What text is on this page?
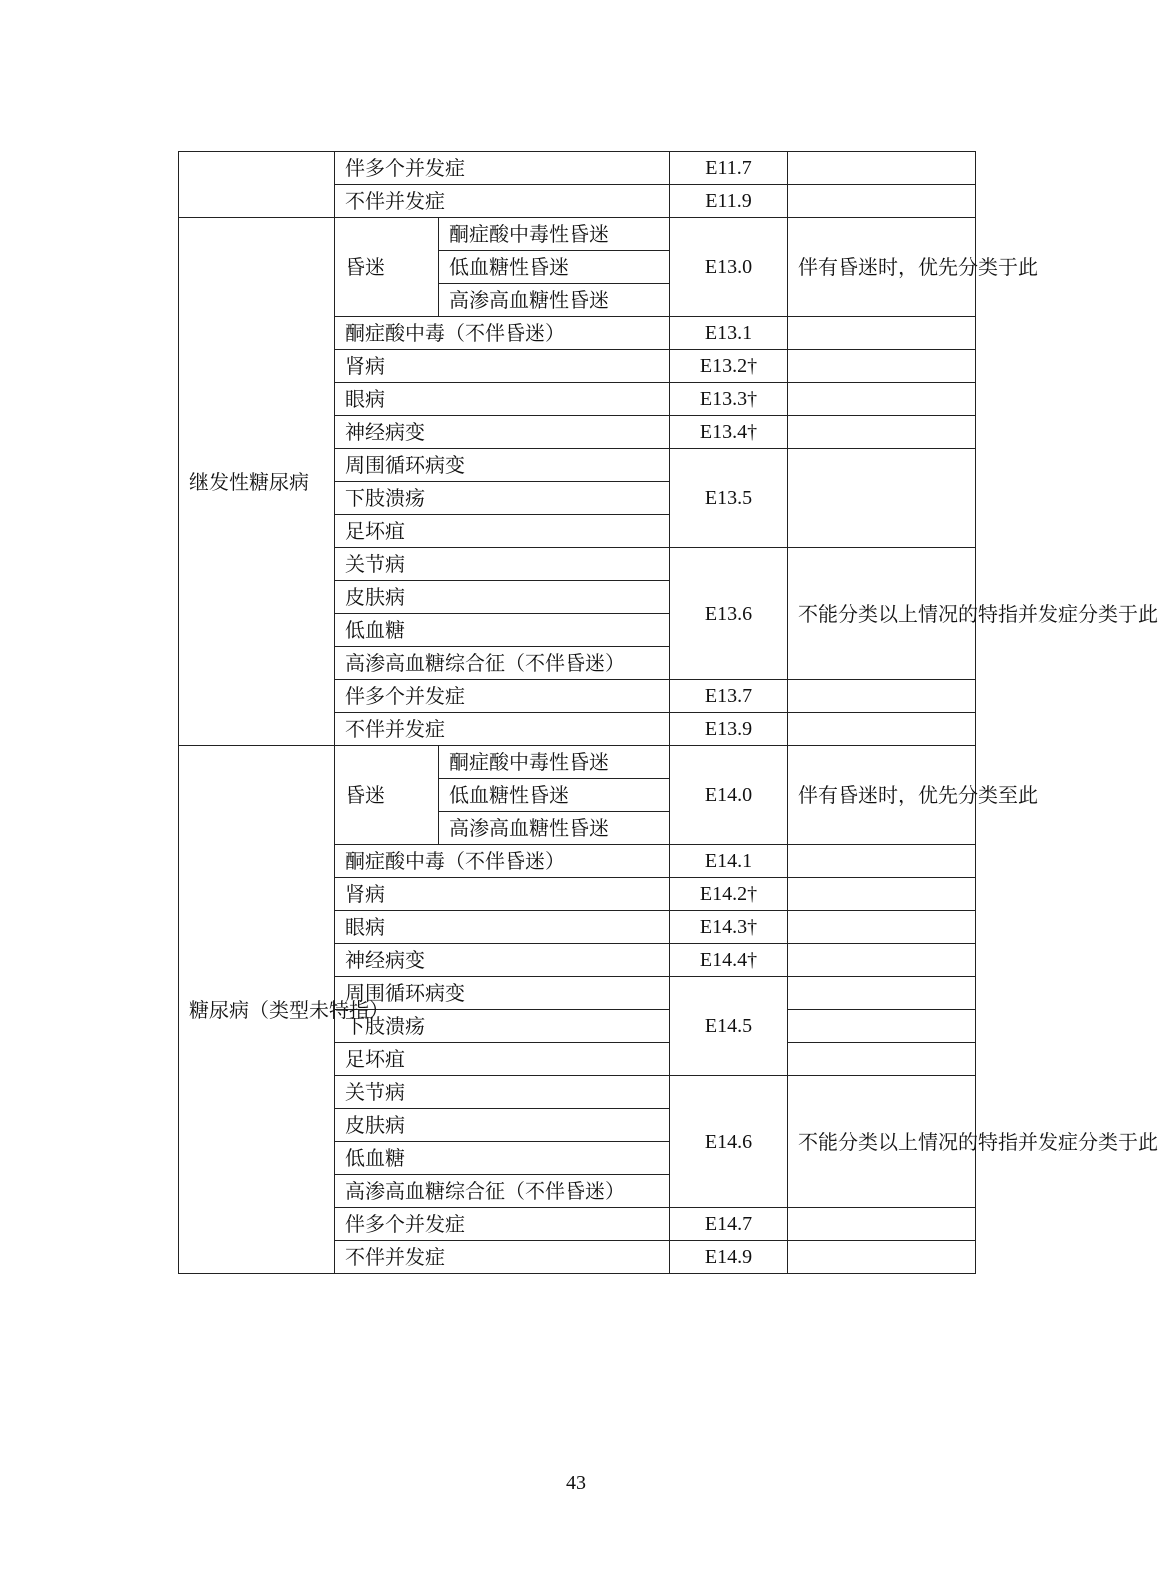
	伴多个并发症		E11.7	
	不伴并发症		E11.9	
继发性糖尿病	昏迷	酮症酸中毒性昏迷	E13.0	伴有昏迷时，优先分类于此
		低血糖性昏迷		
		高渗高血糖性昏迷		
	酮症酸中毒（不伴昏迷）		E13.1	
	肾病		E13.2†	
	眼病		E13.3†	
	神经病变		E13.4†	
	周围循环病变		E13.5	
	下肢溃疡			
	足坏疽			
	关节病		E13.6	不能分类以上情况的特指并发症分类于此
	皮肤病			
	低血糖			
	高渗高血糖综合征（不伴昏迷）			
	伴多个并发症		E13.7	
	不伴并发症		E13.9	
糖尿病（类型未特指）	昏迷	酮症酸中毒性昏迷	E14.0	伴有昏迷时，优先分类至此
		低血糖性昏迷		
		高渗高血糖性昏迷		
	酮症酸中毒（不伴昏迷）		E14.1	
	肾病		E14.2†	
	眼病		E14.3†	
	神经病变		E14.4†	
	周围循环病变		E14.5	
	下肢溃疡			
	足坏疽			
	关节病		E14.6	不能分类以上情况的特指并发症分类于此
	皮肤病			
	低血糖			
	高渗高血糖综合征（不伴昏迷）			
	伴多个并发症		E14.7	
	不伴并发症		E14.9	
43
